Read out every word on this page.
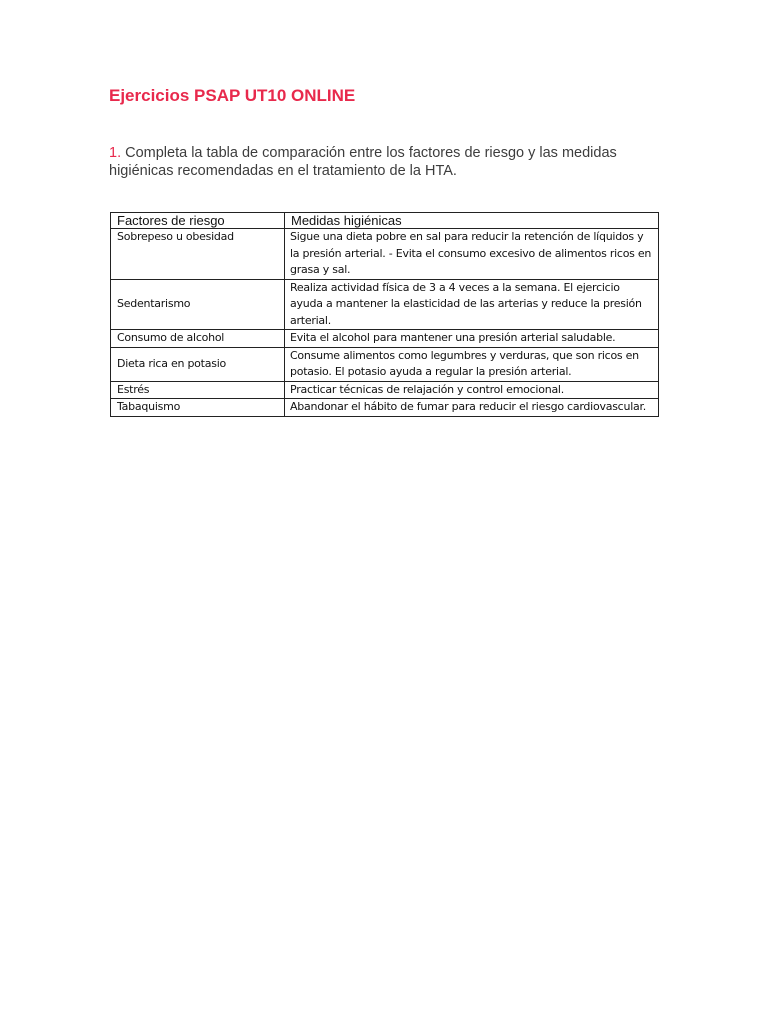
Ejercicios PSAP UT10 ONLINE

1. Completa la tabla de comparación entre los factores de riesgo y las medidas higiénicas recomendadas en el tratamiento de la HTA.

Factores de riesgo	Medidas higiénicas
Sobrepeso u obesidad	Sigue una dieta pobre en sal para reducir la retención de líquidos y la presión arterial. - Evita el consumo excesivo de alimentos ricos en grasa y sal.
Sedentarismo	Realiza actividad física de 3 a 4 veces a la semana. El ejercicio ayuda a mantener la elasticidad de las arterias y reduce la presión arterial.
Consumo de alcohol	Evita el alcohol para mantener una presión arterial saludable.
Dieta rica en potasio	Consume alimentos como legumbres y verduras, que son ricos en potasio. El potasio ayuda a regular la presión arterial.
Estrés	Practicar técnicas de relajación y control emocional.
Tabaquismo	Abandonar el hábito de fumar para reducir el riesgo cardiovascular.
